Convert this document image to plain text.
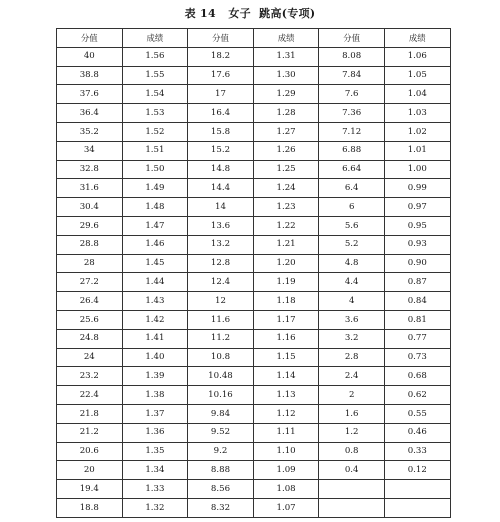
表 14   女子  跳高(专项)
分值	成绩	分值	成绩	分值	成绩
40	1.56	18.2	1.31	8.08	1.06
38.8	1.55	17.6	1.30	7.84	1.05
37.6	1.54	17	1.29	7.6	1.04
36.4	1.53	16.4	1.28	7.36	1.03
35.2	1.52	15.8	1.27	7.12	1.02
34	1.51	15.2	1.26	6.88	1.01
32.8	1.50	14.8	1.25	6.64	1.00
31.6	1.49	14.4	1.24	6.4	0.99
30.4	1.48	14	1.23	6	0.97
29.6	1.47	13.6	1.22	5.6	0.95
28.8	1.46	13.2	1.21	5.2	0.93
28	1.45	12.8	1.20	4.8	0.90
27.2	1.44	12.4	1.19	4.4	0.87
26.4	1.43	12	1.18	4	0.84
25.6	1.42	11.6	1.17	3.6	0.81
24.8	1.41	11.2	1.16	3.2	0.77
24	1.40	10.8	1.15	2.8	0.73
23.2	1.39	10.48	1.14	2.4	0.68
22.4	1.38	10.16	1.13	2	0.62
21.8	1.37	9.84	1.12	1.6	0.55
21.2	1.36	9.52	1.11	1.2	0.46
20.6	1.35	9.2	1.10	0.8	0.33
20	1.34	8.88	1.09	0.4	0.12
19.4	1.33	8.56	1.08		
18.8	1.32	8.32	1.07		
